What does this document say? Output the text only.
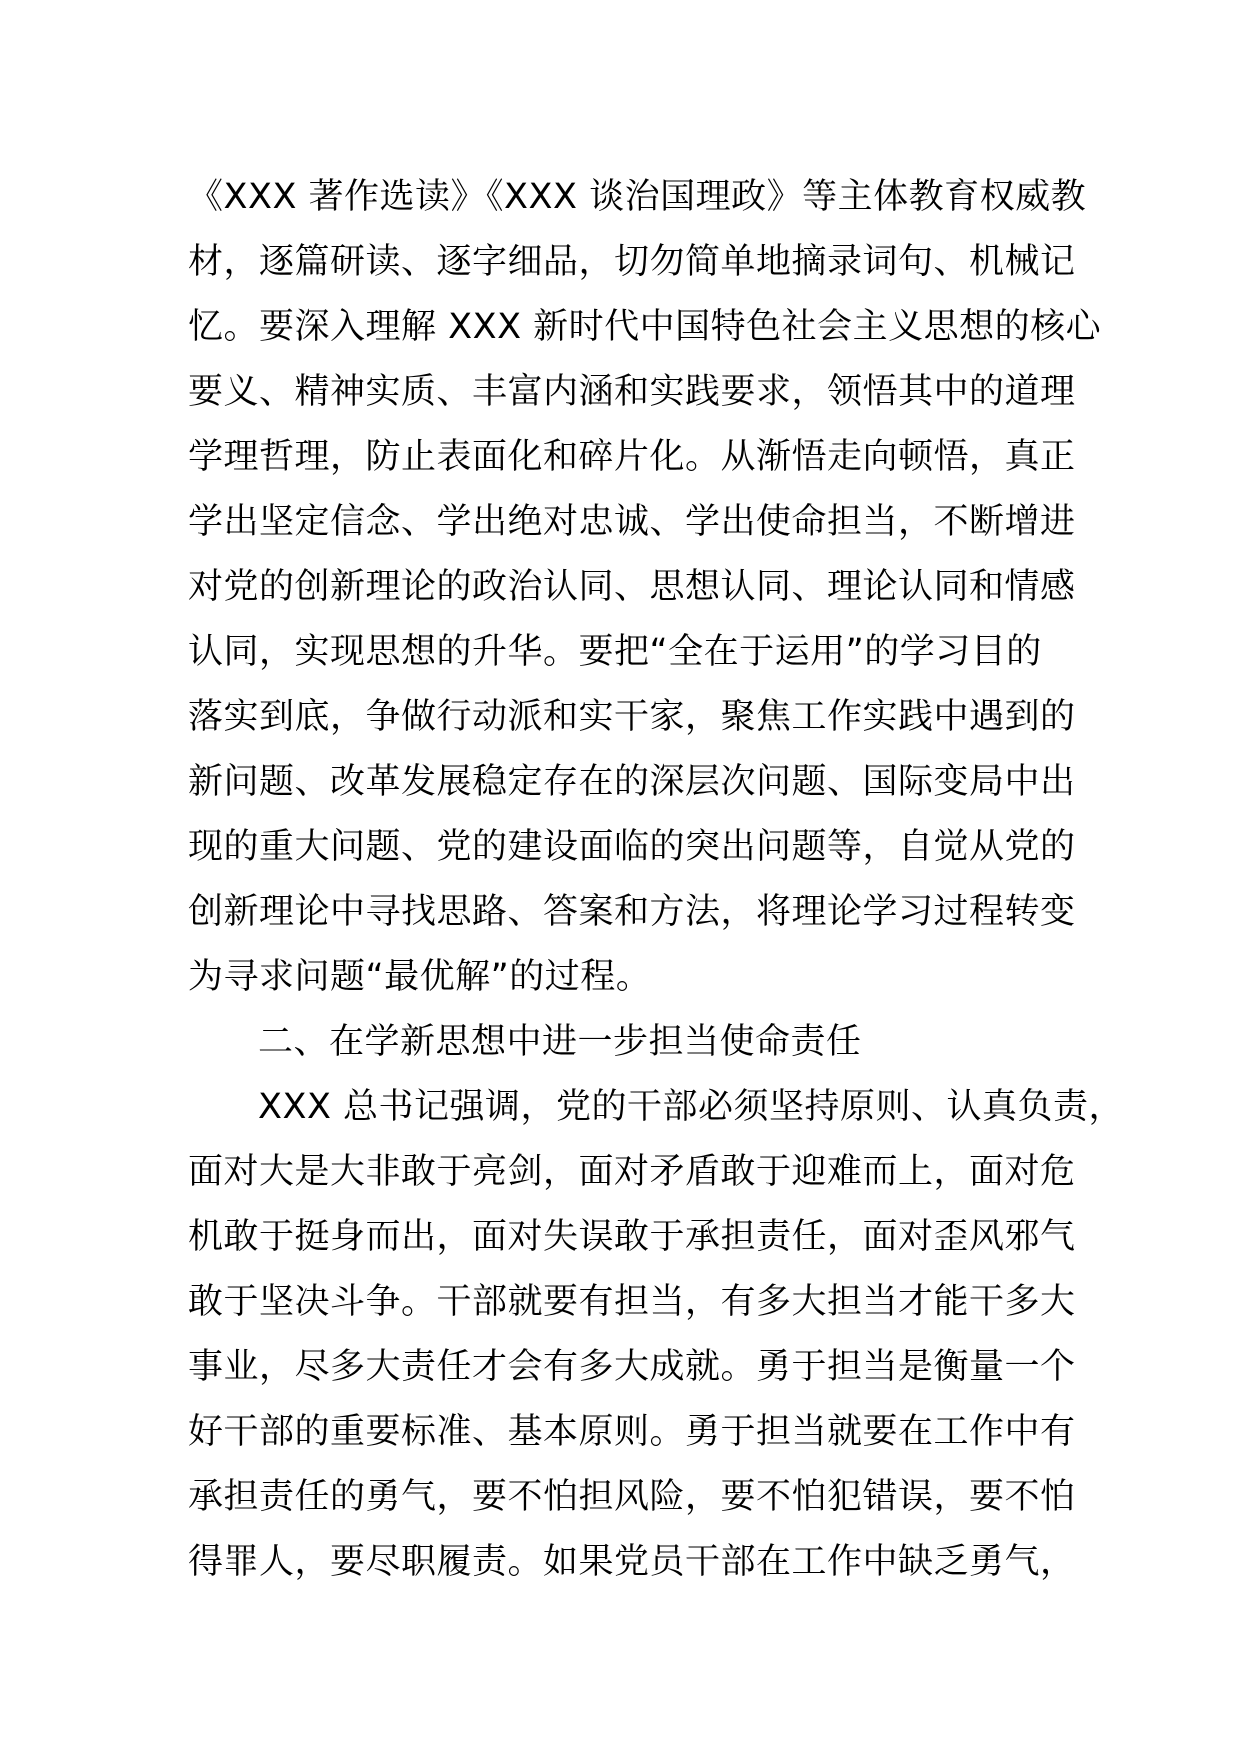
《XXX 著作选读》《XXX 谈治国理政》等主体教育权威教
材，逐篇研读、逐字细品，切勿简单地摘录词句、机械记
忆。要深入理解 XXX 新时代中国特色社会主义思想的核心
要义、精神实质、丰富内涵和实践要求，领悟其中的道理
学理哲理，防止表面化和碎片化。从渐悟走向顿悟，真正
学出坚定信念、学出绝对忠诚、学出使命担当，不断增进
对党的创新理论的政治认同、思想认同、理论认同和情感
认同，实现思想的升华。要把“全在于运用”的学习目的
落实到底，争做行动派和实干家，聚焦工作实践中遇到的
新问题、改革发展稳定存在的深层次问题、国际变局中出
现的重大问题、党的建设面临的突出问题等，自觉从党的
创新理论中寻找思路、答案和方法，将理论学习过程转变
为寻求问题“最优解”的过程。
二、在学新思想中进一步担当使命责任
XXX 总书记强调，党的干部必须坚持原则、认真负责，
面对大是大非敢于亮剑，面对矛盾敢于迎难而上，面对危
机敢于挺身而出，面对失误敢于承担责任，面对歪风邪气
敢于坚决斗争。干部就要有担当，有多大担当才能干多大
事业，尽多大责任才会有多大成就。勇于担当是衡量一个
好干部的重要标准、基本原则。勇于担当就要在工作中有
承担责任的勇气，要不怕担风险，要不怕犯错误，要不怕
得罪人，要尽职履责。如果党员干部在工作中缺乏勇气，
